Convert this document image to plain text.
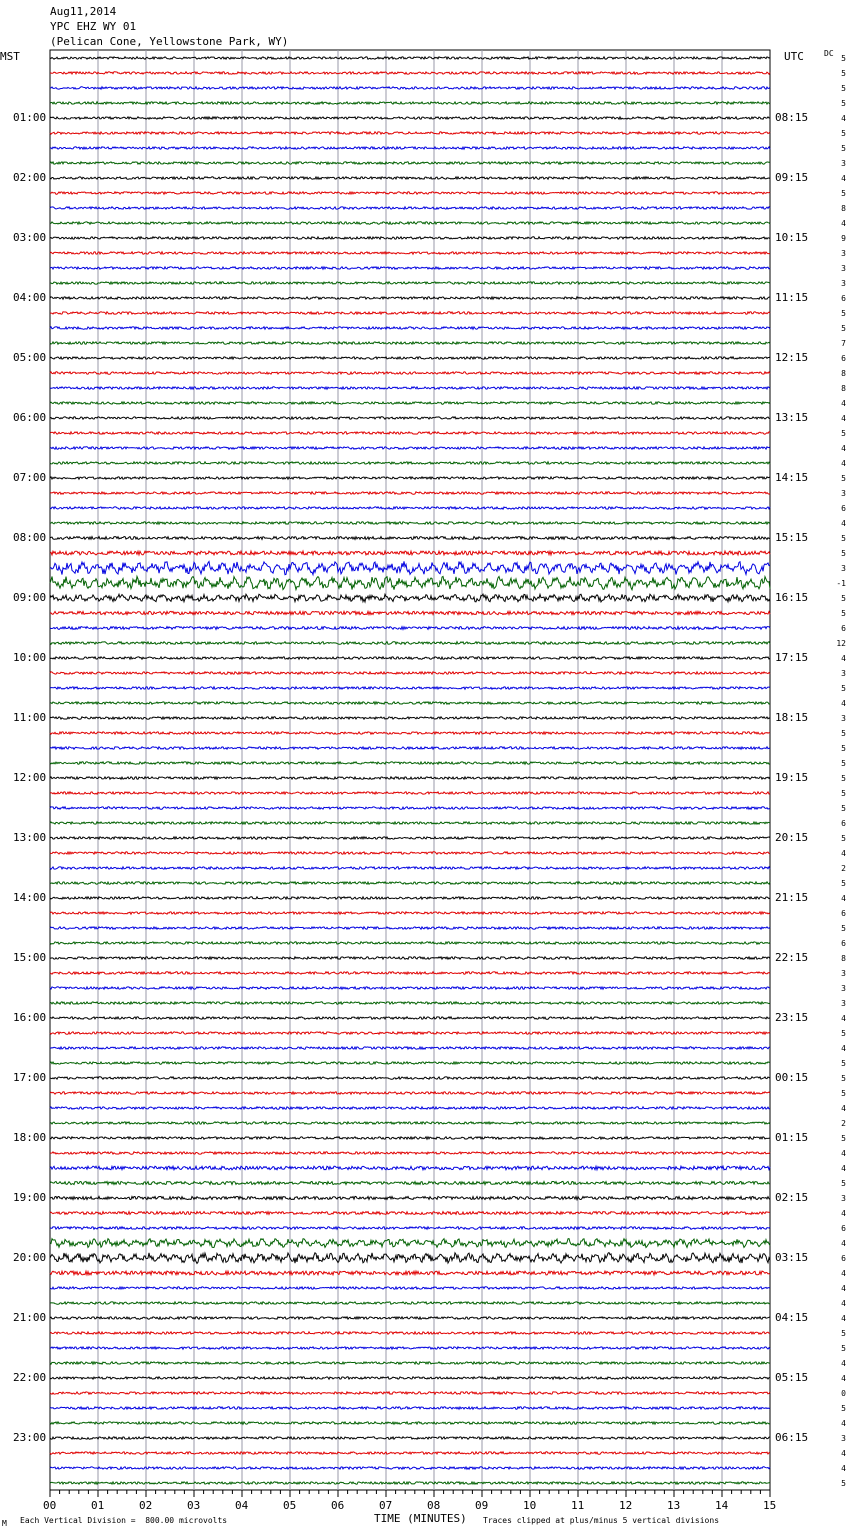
Aug11,2014
YPC EHZ WY 01
(Pelican Cone, Yellowstone Park, WY)
MST	UTC	DC
00	01	02	03	04	05	06	07	08	09	10	11	12	13	14	15
01:00
02:00
03:00
04:00
05:00
06:00
07:00
08:00
09:00
10:00
11:00
12:00
13:00
14:00
15:00
16:00
17:00
18:00
19:00
20:00
21:00
22:00
23:00
08:15
09:15
10:15
11:15
12:15
13:15
14:15
15:15
16:15
17:15
18:15
19:15
20:15
21:15
22:15
23:15
00:15
01:15
02:15
03:15
04:15
05:15
06:15
5
5
5
5
4
5
5
3
4
5
8
4
9
3
3
3
6
5
5
7
6
8
8
4
4
5
4
4
5
3
6
4
5
5
3
-1
5
5
6
12
4
3
5
4
3
5
5
5
5
5
5
6
5
4
2
5
4
6
5
6
8
3
3
3
4
5
4
5
5
5
4
2
5
4
4
5
3
4
6
4
6
4
4
4
4
5
5
4
4
0
5
4
3
4
4
5
M Each Vertical Division =  800.00 microvolts	TIME (MINUTES) Traces clipped at plus/minus 5 vertical divisions
